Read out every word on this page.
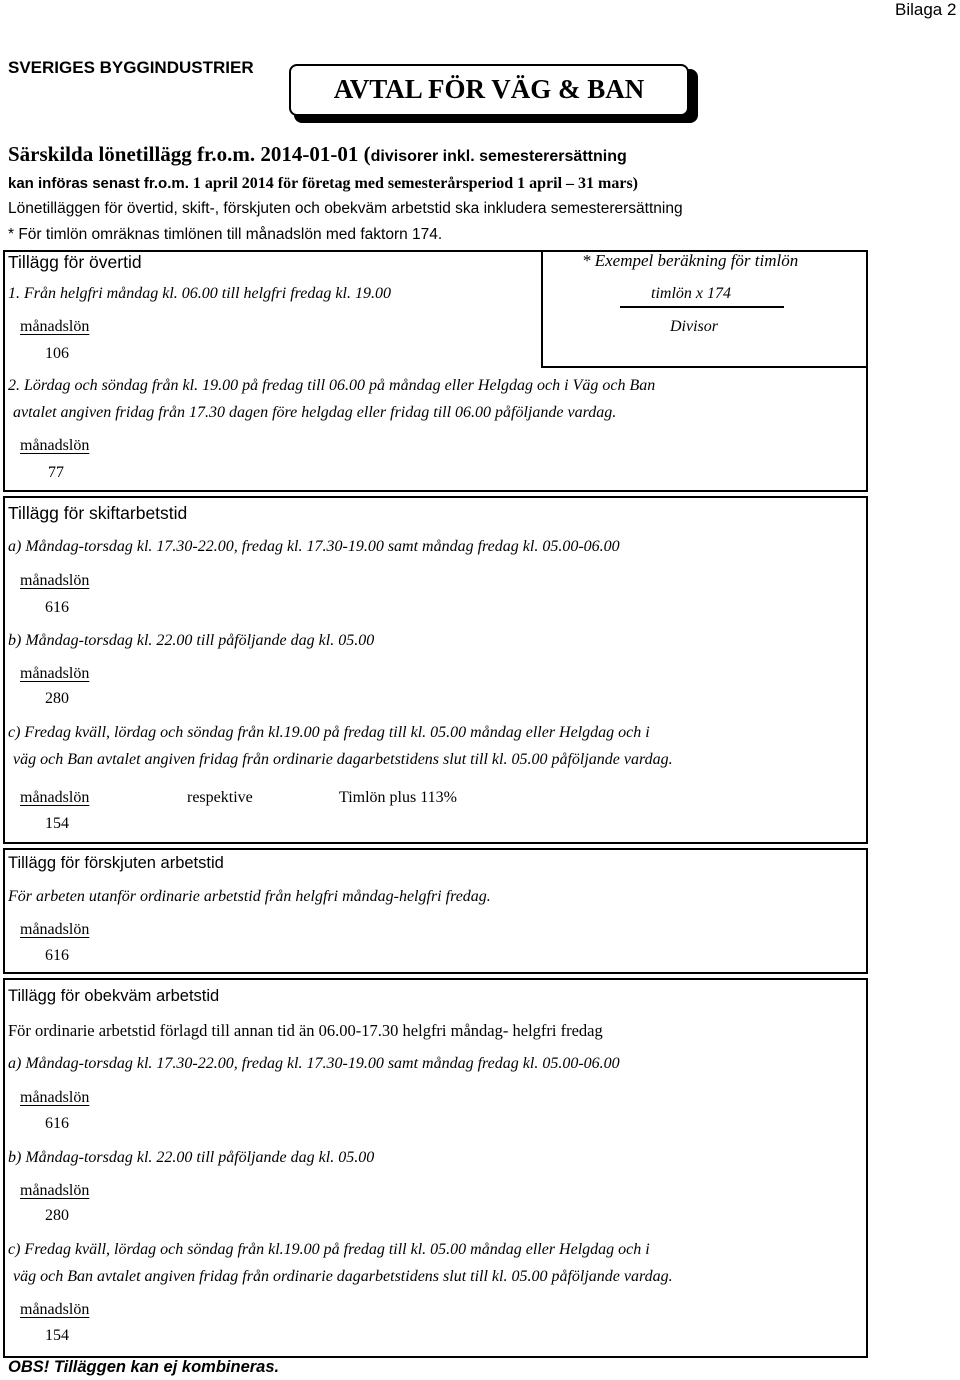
Bilaga 2
SVERIGES BYGGINDUSTRIER
AVTAL FÖR VÄG & BAN
Särskilda lönetillägg fr.o.m. 2014-01-01 (divisorer inkl. semesterersättning
kan införas senast fr.o.m. 1 april 2014 för företag med semesterårsperiod 1 april – 31 mars)
Lönetilläggen för övertid, skift-, förskjuten och obekväm arbetstid ska inkludera semesterersättning
* För timlön omräknas timlönen till månadslön med faktorn 174.
Tillägg för övertid	* Exempel beräkning för timlön
timlön x 174
Divisor
1. Från helgfri måndag kl. 06.00 till helgfri fredag kl. 19.00
månadslön
106
2. Lördag och söndag från kl. 19.00 på fredag till 06.00 på måndag eller Helgdag och i Väg och Ban
avtalet angiven fridag från 17.30 dagen före helgdag eller fridag till 06.00 påföljande vardag.
månadslön
77
Tillägg för skiftarbetstid
a) Måndag-torsdag kl. 17.30-22.00, fredag kl. 17.30-19.00 samt måndag fredag kl. 05.00-06.00
månadslön
616
b) Måndag-torsdag kl. 22.00 till påföljande dag kl. 05.00
månadslön
280
c) Fredag kväll, lördag och söndag från kl.19.00 på fredag till kl. 05.00 måndag eller Helgdag och i
väg och Ban avtalet angiven fridag från ordinarie dagarbetstidens slut till kl. 05.00 påföljande vardag.
månadslön	respektive	Timlön plus 113%
154
Tillägg för förskjuten arbetstid
För arbeten utanför ordinarie arbetstid från helgfri måndag-helgfri fredag.
månadslön
616
Tillägg för obekväm arbetstid
För ordinarie arbetstid förlagd till annan tid än 06.00-17.30 helgfri måndag- helgfri fredag
a) Måndag-torsdag kl. 17.30-22.00, fredag kl. 17.30-19.00 samt måndag fredag kl. 05.00-06.00
månadslön
616
b) Måndag-torsdag kl. 22.00 till påföljande dag kl. 05.00
månadslön
280
c) Fredag kväll, lördag och söndag från kl.19.00 på fredag till kl. 05.00 måndag eller Helgdag och i
väg och Ban avtalet angiven fridag från ordinarie dagarbetstidens slut till kl. 05.00 påföljande vardag.
månadslön
154
OBS! Tilläggen kan ej kombineras.
